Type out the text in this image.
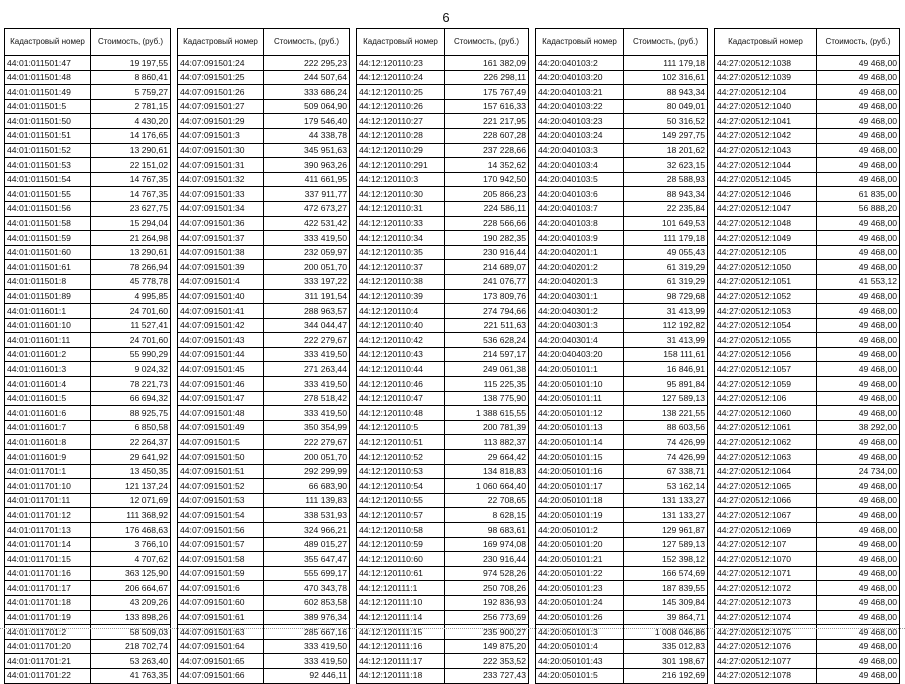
6
Кадастровый номер	Стоимость, (руб.)
44:01:011501:47	19 197,55
44:01:011501:48	8 860,41
44:01:011501:49	5 759,27
44:01:011501:5	2 781,15
44:01:011501:50	4 430,20
44:01:011501:51	14 176,65
44:01:011501:52	13 290,61
44:01:011501:53	22 151,02
44:01:011501:54	14 767,35
44:01:011501:55	14 767,35
44:01:011501:56	23 627,75
44:01:011501:58	15 294,04
44:01:011501:59	21 264,98
44:01:011501:60	13 290,61
44:01:011501:61	78 266,94
44:01:011501:8	45 778,78
44:01:011501:89	4 995,85
44:01:011601:1	24 701,60
44:01:011601:10	11 527,41
44:01:011601:11	24 701,60
44:01:011601:2	55 990,29
44:01:011601:3	9 024,32
44:01:011601:4	78 221,73
44:01:011601:5	66 694,32
44:01:011601:6	88 925,75
44:01:011601:7	6 850,58
44:01:011601:8	22 264,37
44:01:011601:9	29 641,92
44:01:011701:1	13 450,35
44:01:011701:10	121 137,24
44:01:011701:11	12 071,69
44:01:011701:12	111 368,92
44:01:011701:13	176 468,63
44:01:011701:14	3 766,10
44:01:011701:15	4 707,62
44:01:011701:16	363 125,90
44:01:011701:17	206 664,67
44:01:011701:18	43 209,26
44:01:011701:19	133 898,26
44:01:011701:2	58 509,03
44:01:011701:20	218 702,74
44:01:011701:21	53 263,40
44:01:011701:22	41 763,35
Кадастровый номер	Стоимость, (руб.)
44:07:091501:24	222 295,23
44:07:091501:25	244 507,64
44:07:091501:26	333 686,24
44:07:091501:27	509 064,90
44:07:091501:29	179 546,40
44:07:091501:3	44 338,78
44:07:091501:30	345 951,63
44:07:091501:31	390 963,26
44:07:091501:32	411 661,95
44:07:091501:33	337 911,77
44:07:091501:34	472 673,27
44:07:091501:36	422 531,42
44:07:091501:37	333 419,50
44:07:091501:38	232 059,97
44:07:091501:39	200 051,70
44:07:091501:4	333 197,22
44:07:091501:40	311 191,54
44:07:091501:41	288 963,57
44:07:091501:42	344 044,47
44:07:091501:43	222 279,67
44:07:091501:44	333 419,50
44:07:091501:45	271 263,44
44:07:091501:46	333 419,50
44:07:091501:47	278 518,42
44:07:091501:48	333 419,50
44:07:091501:49	350 354,99
44:07:091501:5	222 279,67
44:07:091501:50	200 051,70
44:07:091501:51	292 299,99
44:07:091501:52	66 683,90
44:07:091501:53	111 139,83
44:07:091501:54	338 531,93
44:07:091501:56	324 966,21
44:07:091501:57	489 015,27
44:07:091501:58	355 647,47
44:07:091501:59	555 699,17
44:07:091501:6	470 343,78
44:07:091501:60	602 853,58
44:07:091501:61	389 976,34
44:07:091501:63	285 667,16
44:07:091501:64	333 419,50
44:07:091501:65	333 419,50
44:07:091501:66	92 446,11
Кадастровый номер	Стоимость, (руб.)
44:12:120110:23	161 382,09
44:12:120110:24	226 298,11
44:12:120110:25	175 767,49
44:12:120110:26	157 616,33
44:12:120110:27	221 217,95
44:12:120110:28	228 607,28
44:12:120110:29	237 228,66
44:12:120110:291	14 352,62
44:12:120110:3	170 942,50
44:12:120110:30	205 866,23
44:12:120110:31	224 586,11
44:12:120110:33	228 566,66
44:12:120110:34	190 282,35
44:12:120110:35	230 916,44
44:12:120110:37	214 689,07
44:12:120110:38	241 076,77
44:12:120110:39	173 809,76
44:12:120110:4	274 794,66
44:12:120110:40	221 511,63
44:12:120110:42	536 628,24
44:12:120110:43	214 597,17
44:12:120110:44	249 061,38
44:12:120110:46	115 225,35
44:12:120110:47	138 775,90
44:12:120110:48	1 388 615,55
44:12:120110:5	200 781,39
44:12:120110:51	113 882,37
44:12:120110:52	29 664,42
44:12:120110:53	134 818,83
44:12:120110:54	1 060 664,40
44:12:120110:55	22 708,65
44:12:120110:57	8 628,15
44:12:120110:58	98 683,61
44:12:120110:59	169 974,08
44:12:120110:60	230 916,44
44:12:120110:61	974 528,26
44:12:120111:1	250 708,26
44:12:120111:10	192 836,93
44:12:120111:14	256 773,69
44:12:120111:15	235 900,27
44:12:120111:16	149 875,20
44:12:120111:17	222 353,52
44:12:120111:18	233 727,43
Кадастровый номер	Стоимость, (руб.)
44:20:040103:2	111 179,18
44:20:040103:20	102 316,61
44:20:040103:21	88 943,34
44:20:040103:22	80 049,01
44:20:040103:23	50 316,52
44:20:040103:24	149 297,75
44:20:040103:3	18 201,62
44:20:040103:4	32 623,15
44:20:040103:5	28 588,93
44:20:040103:6	88 943,34
44:20:040103:7	22 235,84
44:20:040103:8	101 649,53
44:20:040103:9	111 179,18
44:20:040201:1	49 055,43
44:20:040201:2	61 319,29
44:20:040201:3	61 319,29
44:20:040301:1	98 729,68
44:20:040301:2	31 413,99
44:20:040301:3	112 192,82
44:20:040301:4	31 413,99
44:20:040403:20	158 111,61
44:20:050101:1	16 846,91
44:20:050101:10	95 891,84
44:20:050101:11	127 589,13
44:20:050101:12	138 221,55
44:20:050101:13	88 603,56
44:20:050101:14	74 426,99
44:20:050101:15	74 426,99
44:20:050101:16	67 338,71
44:20:050101:17	53 162,14
44:20:050101:18	131 133,27
44:20:050101:19	131 133,27
44:20:050101:2	129 961,87
44:20:050101:20	127 589,13
44:20:050101:21	152 398,12
44:20:050101:22	166 574,69
44:20:050101:23	187 839,55
44:20:050101:24	145 309,84
44:20:050101:26	39 864,71
44:20:050101:3	1 008 046,86
44:20:050101:4	335 012,83
44:20:050101:43	301 198,67
44:20:050101:5	216 192,69
Кадастровый номер	Стоимость, (руб.)
44:27:020512:1038	49 468,00
44:27:020512:1039	49 468,00
44:27:020512:104	49 468,00
44:27:020512:1040	49 468,00
44:27:020512:1041	49 468,00
44:27:020512:1042	49 468,00
44:27:020512:1043	49 468,00
44:27:020512:1044	49 468,00
44:27:020512:1045	49 468,00
44:27:020512:1046	61 835,00
44:27:020512:1047	56 888,20
44:27:020512:1048	49 468,00
44:27:020512:1049	49 468,00
44:27:020512:105	49 468,00
44:27:020512:1050	49 468,00
44:27:020512:1051	41 553,12
44:27:020512:1052	49 468,00
44:27:020512:1053	49 468,00
44:27:020512:1054	49 468,00
44:27:020512:1055	49 468,00
44:27:020512:1056	49 468,00
44:27:020512:1057	49 468,00
44:27:020512:1059	49 468,00
44:27:020512:106	49 468,00
44:27:020512:1060	49 468,00
44:27:020512:1061	38 292,00
44:27:020512:1062	49 468,00
44:27:020512:1063	49 468,00
44:27:020512:1064	24 734,00
44:27:020512:1065	49 468,00
44:27:020512:1066	49 468,00
44:27:020512:1067	49 468,00
44:27:020512:1069	49 468,00
44:27:020512:107	49 468,00
44:27:020512:1070	49 468,00
44:27:020512:1071	49 468,00
44:27:020512:1072	49 468,00
44:27:020512:1073	49 468,00
44:27:020512:1074	49 468,00
44:27:020512:1075	49 468,00
44:27:020512:1076	49 468,00
44:27:020512:1077	49 468,00
44:27:020512:1078	49 468,00
